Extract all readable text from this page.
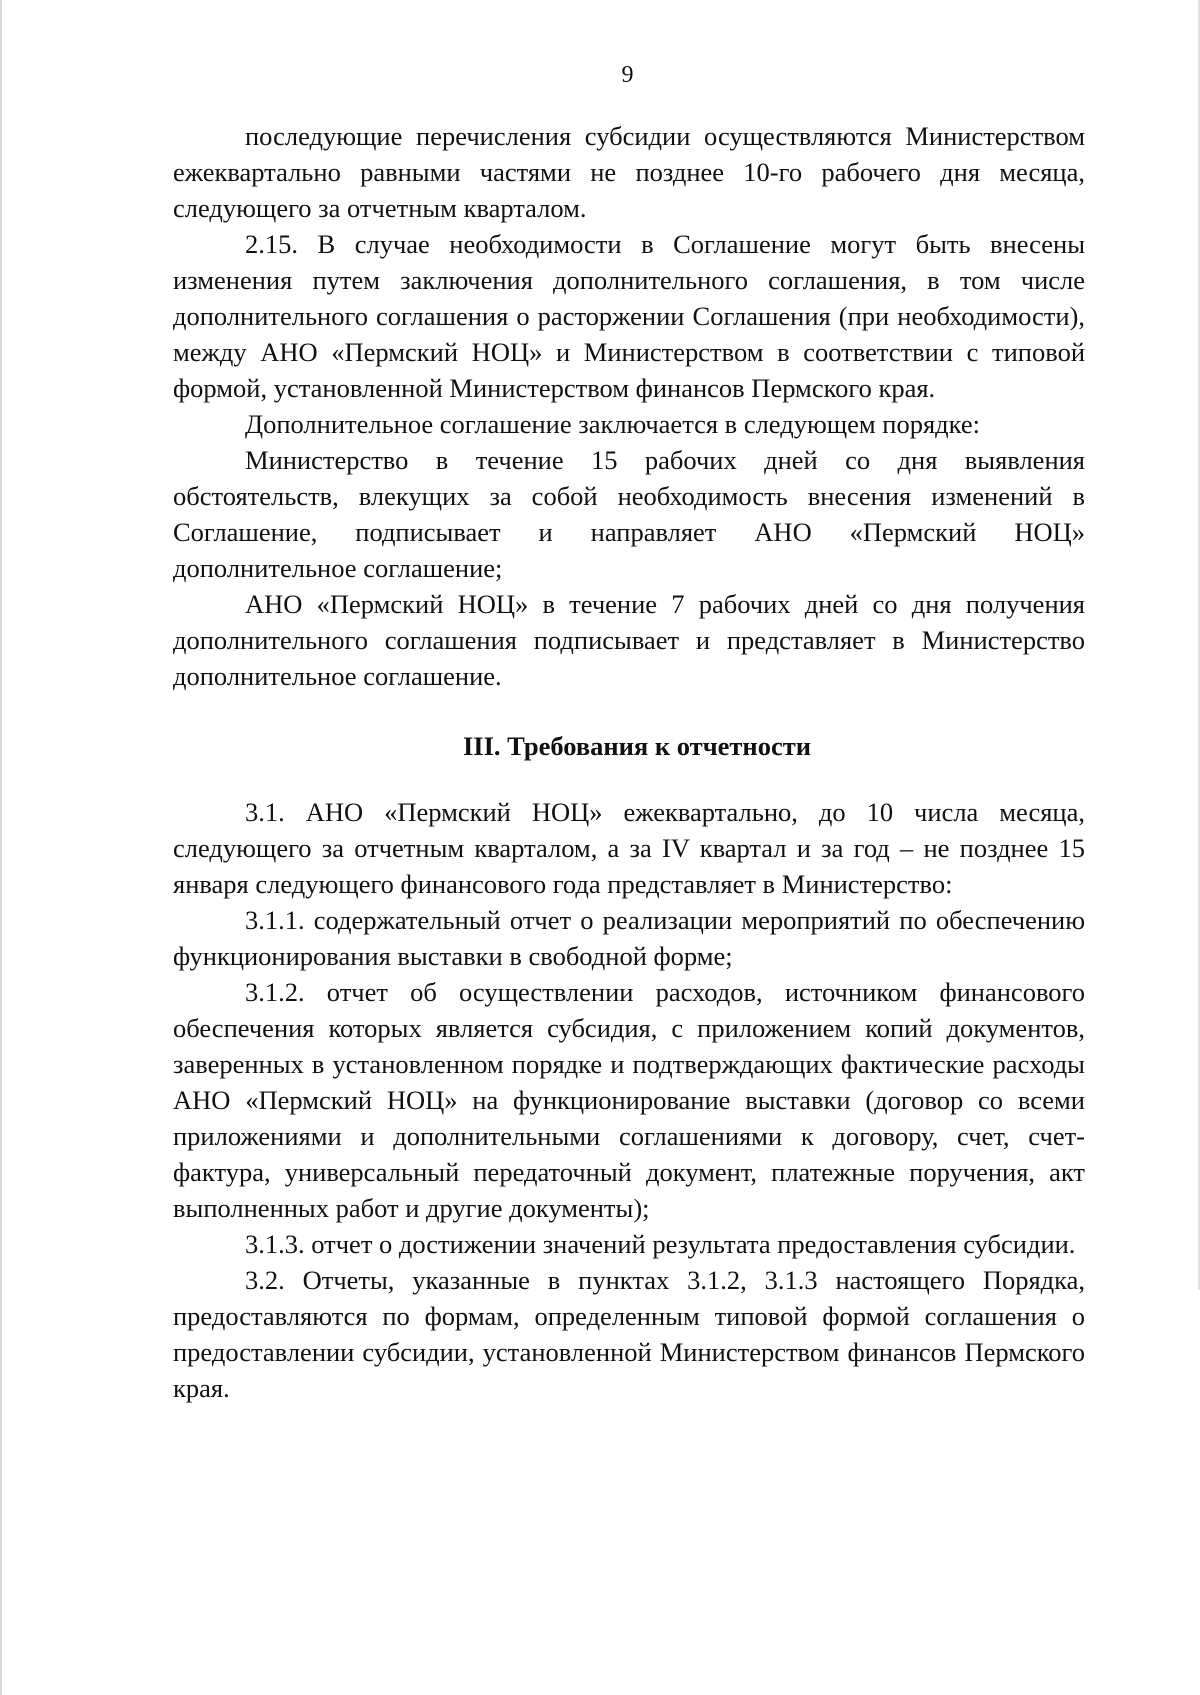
9

последующие перечисления субсидии осуществляются Министерством ежеквартально равными частями не позднее 10-го рабочего дня месяца, следующего за отчетным кварталом.

2.15. В случае необходимости в Соглашение могут быть внесены изменения путем заключения дополнительного соглашения, в том числе дополнительного соглашения о расторжении Соглашения (при необходимости), между АНО «Пермский НОЦ» и Министерством в соответствии с типовой формой, установленной Министерством финансов Пермского края.

Дополнительное соглашение заключается в следующем порядке:

Министерство в течение 15 рабочих дней со дня выявления обстоятельств, влекущих за собой необходимость внесения изменений в Соглашение, подписывает и направляет АНО «Пермский НОЦ» дополнительное соглашение;

АНО «Пермский НОЦ» в течение 7 рабочих дней со дня получения дополнительного соглашения подписывает и представляет в Министерство дополнительное соглашение.

III. Требования к отчетности

3.1. АНО «Пермский НОЦ» ежеквартально, до 10 числа месяца, следующего за отчетным кварталом, а за IV квартал и за год – не позднее 15 января следующего финансового года представляет в Министерство:

3.1.1. содержательный отчет о реализации мероприятий по обеспечению функционирования выставки в свободной форме;

3.1.2. отчет об осуществлении расходов, источником финансового обеспечения которых является субсидия, с приложением копий документов, заверенных в установленном порядке и подтверждающих фактические расходы АНО «Пермский НОЦ» на функционирование выставки (договор со всеми приложениями и дополнительными соглашениями к договору, счет, счет-фактура, универсальный передаточный документ, платежные поручения, акт выполненных работ и другие документы);

3.1.3. отчет о достижении значений результата предоставления субсидии.

3.2. Отчеты, указанные в пунктах 3.1.2, 3.1.3 настоящего Порядка, предоставляются по формам, определенным типовой формой соглашения о предоставлении субсидии, установленной Министерством финансов Пермского края.
